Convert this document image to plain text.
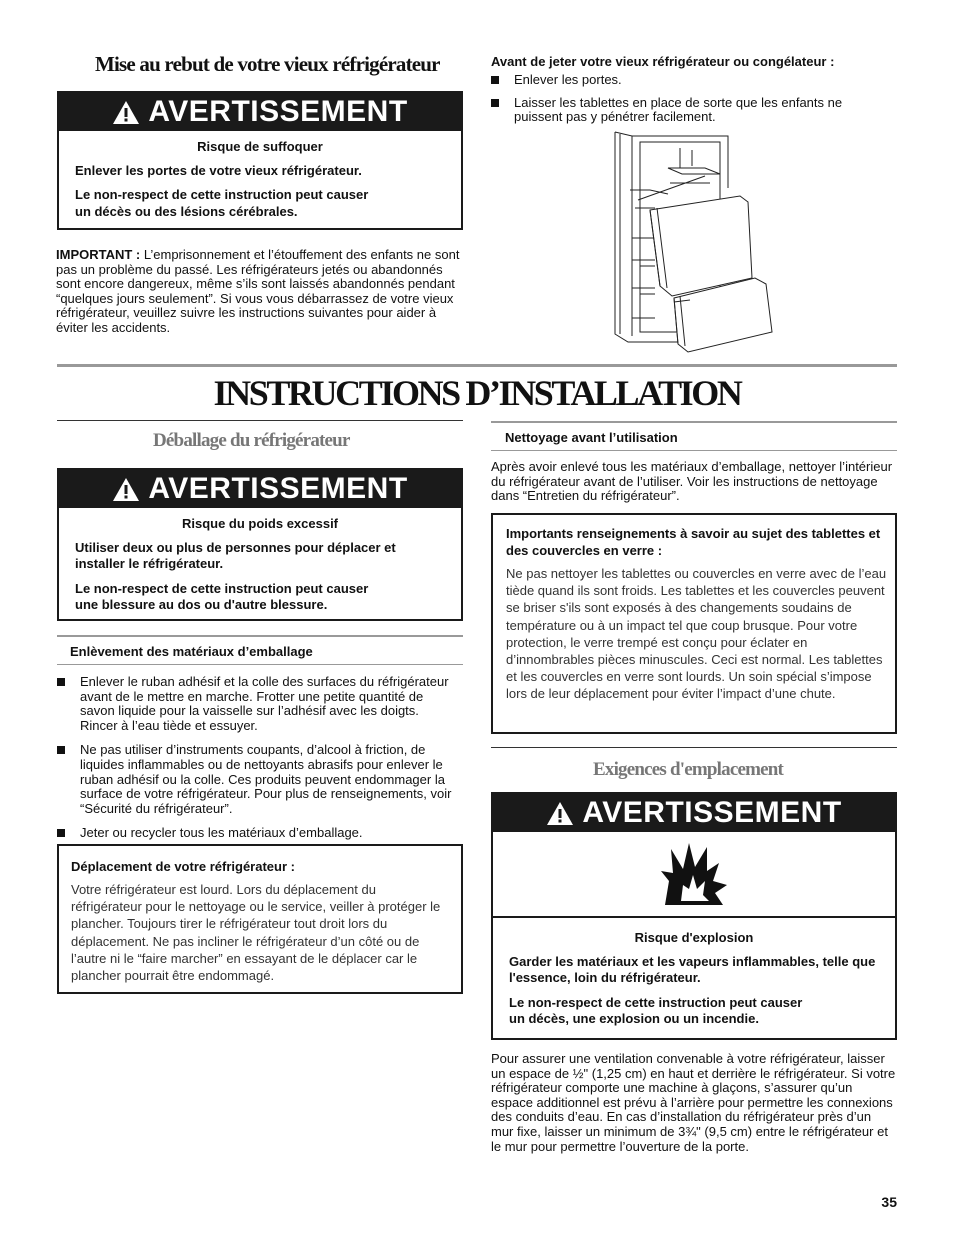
Mise au rebut de votre vieux réfrigérateur
AVERTISSEMENT
Risque de suffoquer

Enlever les portes de votre vieux réfrigérateur.

Le non-respect de cette instruction peut causer
un décès ou des lésions cérébrales.

IMPORTANT : L’emprisonnement et l’étouffement des enfants ne sont pas un problème du passé. Les réfrigérateurs jetés ou abandonnés sont encore dangereux, même s’ils sont laissés abandonnés pendant “quelques jours seulement”. Si vous vous débarrassez de votre vieux réfrigérateur, veuillez suivre les instructions suivantes pour aider à éviter les accidents.

Avant de jeter votre vieux réfrigérateur ou congélateur :
Enlever les portes.
Laisser les tablettes en place de sorte que les enfants ne puissent pas y pénétrer facilement.
INSTRUCTIONS D’INSTALLATION
Déballage du réfrigérateur
AVERTISSEMENT
Risque du poids excessif

Utiliser deux ou plus de personnes pour déplacer et installer le réfrigérateur.

Le non-respect de cette instruction peut causer
une blessure au dos ou d'autre blessure.

Enlèvement des matériaux d’emballage
Enlever le ruban adhésif et la colle des surfaces du réfrigérateur avant de le mettre en marche. Frotter une petite quantité de savon liquide pour la vaisselle sur l’adhésif avec les doigts. Rincer à l’eau tiède et essuyer.
Ne pas utiliser d’instruments coupants, d’alcool à friction, de liquides inflammables ou de nettoyants abrasifs pour enlever le ruban adhésif ou la colle. Ces produits peuvent endommager la surface de votre réfrigérateur. Pour plus de renseignements, voir “Sécurité du réfrigérateur”.
Jeter ou recycler tous les matériaux d’emballage.
Déplacement de votre réfrigérateur :

Votre réfrigérateur est lourd. Lors du déplacement du réfrigérateur pour le nettoyage ou le service, veiller à protéger le plancher. Toujours tirer le réfrigérateur tout droit lors du déplacement. Ne pas incliner le réfrigérateur d’un côté ou de l’autre ni le “faire marcher” en essayant de le déplacer car le plancher pourrait être endommagé.

Nettoyage avant l’utilisation

Après avoir enlevé tous les matériaux d’emballage, nettoyer l’intérieur du réfrigérateur avant de l’utiliser. Voir les instructions de nettoyage dans “Entretien du réfrigérateur”.

Importants renseignements à savoir au sujet des tablettes et des couvercles en verre :

Ne pas nettoyer les tablettes ou couvercles en verre avec de l’eau tiède quand ils sont froids. Les tablettes et les couvercles peuvent se briser s'ils sont exposés à des changements soudains de température ou à un impact tel que coup brusque. Pour votre protection, le verre trempé est conçu pour éclater en d’innombrables pièces minuscules. Ceci est normal. Les tablettes et les couvercles en verre sont lourds. Un soin spécial s’impose lors de leur déplacement pour éviter l’impact d’une chute.

Exigences d'emplacement
AVERTISSEMENT
Risque d'explosion

Garder les matériaux et les vapeurs inflammables, telle que l'essence, loin du réfrigérateur.

Le non-respect de cette instruction peut causer
un décès, une explosion ou un incendie.

Pour assurer une ventilation convenable à votre réfrigérateur, laisser un espace de ½" (1,25 cm) en haut et derrière le réfrigérateur. Si votre réfrigérateur comporte une machine à glaçons, s’assurer qu’un espace additionnel est prévu à l’arrière pour permettre les connexions des conduits d’eau. En cas d’installation du réfrigérateur près d’un mur fixe, laisser un minimum de 3¾" (9,5 cm) entre le réfrigérateur et le mur pour permettre l’ouverture de la porte.

35
